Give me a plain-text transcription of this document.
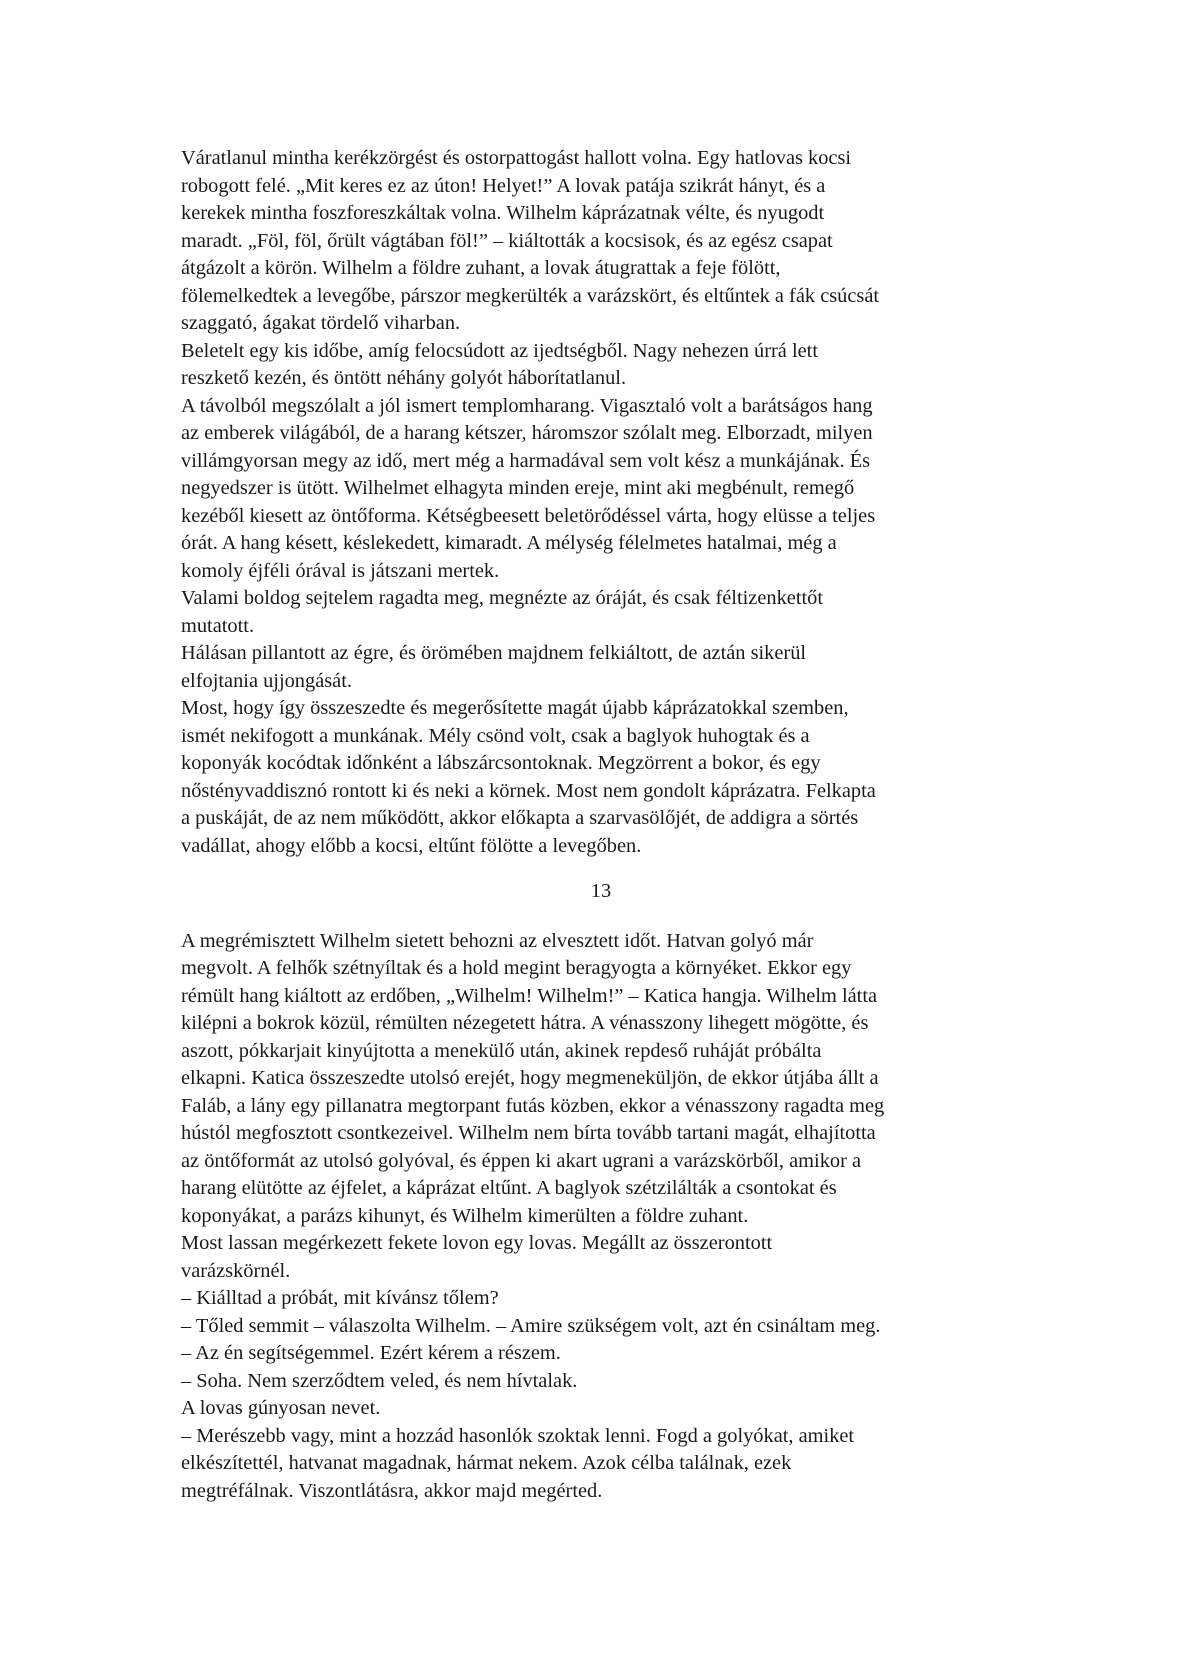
Váratlanul mintha kerékzörgést és ostorpattogást hallott volna. Egy hatlovas kocsi
robogott felé. „Mit keres ez az úton! Helyet!” A lovak patája szikrát hányt, és a
kerekek mintha foszforeszkáltak volna. Wilhelm káprázatnak vélte, és nyugodt
maradt. „Föl, föl, őrült vágtában föl!” – kiáltották a kocsisok, és az egész csapat
átgázolt a körön. Wilhelm a földre zuhant, a lovak átugrattak a feje fölött,
fölemelkedtek a levegőbe, párszor megkerülték a varázskört, és eltűntek a fák csúcsát
szaggató, ágakat tördelő viharban.

Beletelt egy kis időbe, amíg felocsúdott az ijedtségből. Nagy nehezen úrrá lett
reszkető kezén, és öntött néhány golyót háborítatlanul.

A távolból megszólalt a jól ismert templomharang. Vigasztaló volt a barátságos hang
az emberek világából, de a harang kétszer, háromszor szólalt meg. Elborzadt, milyen
villámgyorsan megy az idő, mert még a harmadával sem volt kész a munkájának. És
negyedszer is ütött. Wilhelmet elhagyta minden ereje, mint aki megbénult, remegő
kezéből kiesett az öntőforma. Kétségbeesett beletörődéssel várta, hogy elüsse a teljes
órát. A hang késett, késlekedett, kimaradt. A mélység félelmetes hatalmai, még a
komoly éjféli órával is játszani mertek.

Valami boldog sejtelem ragadta meg, megnézte az óráját, és csak féltizenkettőt
mutatott.

Hálásan pillantott az égre, és örömében majdnem felkiáltott, de aztán sikerül
elfojtania ujjongását.

Most, hogy így összeszedte és megerősítette magát újabb káprázatokkal szemben,
ismét nekifogott a munkának. Mély csönd volt, csak a baglyok huhogtak és a
koponyák kocódtak időnként a lábszárcsontoknak. Megzörrent a bokor, és egy
nőstényvaddisznó rontott ki és neki a körnek. Most nem gondolt káprázatra. Felkapta
a puskáját, de az nem működött, akkor előkapta a szarvasölőjét, de addigra a sörtés
vadállat, ahogy előbb a kocsi, eltűnt fölötte a levegőben.

13

A megrémisztett Wilhelm sietett behozni az elvesztett időt. Hatvan golyó már
megvolt. A felhők szétnyíltak és a hold megint beragyogta a környéket. Ekkor egy
rémült hang kiáltott az erdőben, „Wilhelm! Wilhelm!” – Katica hangja. Wilhelm látta
kilépni a bokrok közül, rémülten nézegetett hátra. A vénasszony lihegett mögötte, és
aszott, pókkarjait kinyújtotta a menekülő után, akinek repdeső ruháját próbálta
elkapni. Katica összeszedte utolsó erejét, hogy megmeneküljön, de ekkor útjába állt a
Faláb, a lány egy pillanatra megtorpant futás közben, ekkor a vénasszony ragadta meg
hústól megfosztott csontkezeivel. Wilhelm nem bírta tovább tartani magát, elhajította
az öntőformát az utolsó golyóval, és éppen ki akart ugrani a varázskörből, amikor a
harang elütötte az éjfelet, a káprázat eltűnt. A baglyok szétzilálták a csontokat és
koponyákat, a parázs kihunyt, és Wilhelm kimerülten a földre zuhant.

Most lassan megérkezett fekete lovon egy lovas. Megállt az összerontott
varázskörnél.

– Kiálltad a próbát, mit kívánsz tőlem?

– Tőled semmit – válaszolta Wilhelm. – Amire szükségem volt, azt én csináltam meg.

– Az én segítségemmel. Ezért kérem a részem.

– Soha. Nem szerződtem veled, és nem hívtalak.

A lovas gúnyosan nevet.

– Merészebb vagy, mint a hozzád hasonlók szoktak lenni. Fogd a golyókat, amiket
elkészítettél, hatvanat magadnak, hármat nekem. Azok célba találnak, ezek
megtréfálnak. Viszontlátásra, akkor majd megérted.
